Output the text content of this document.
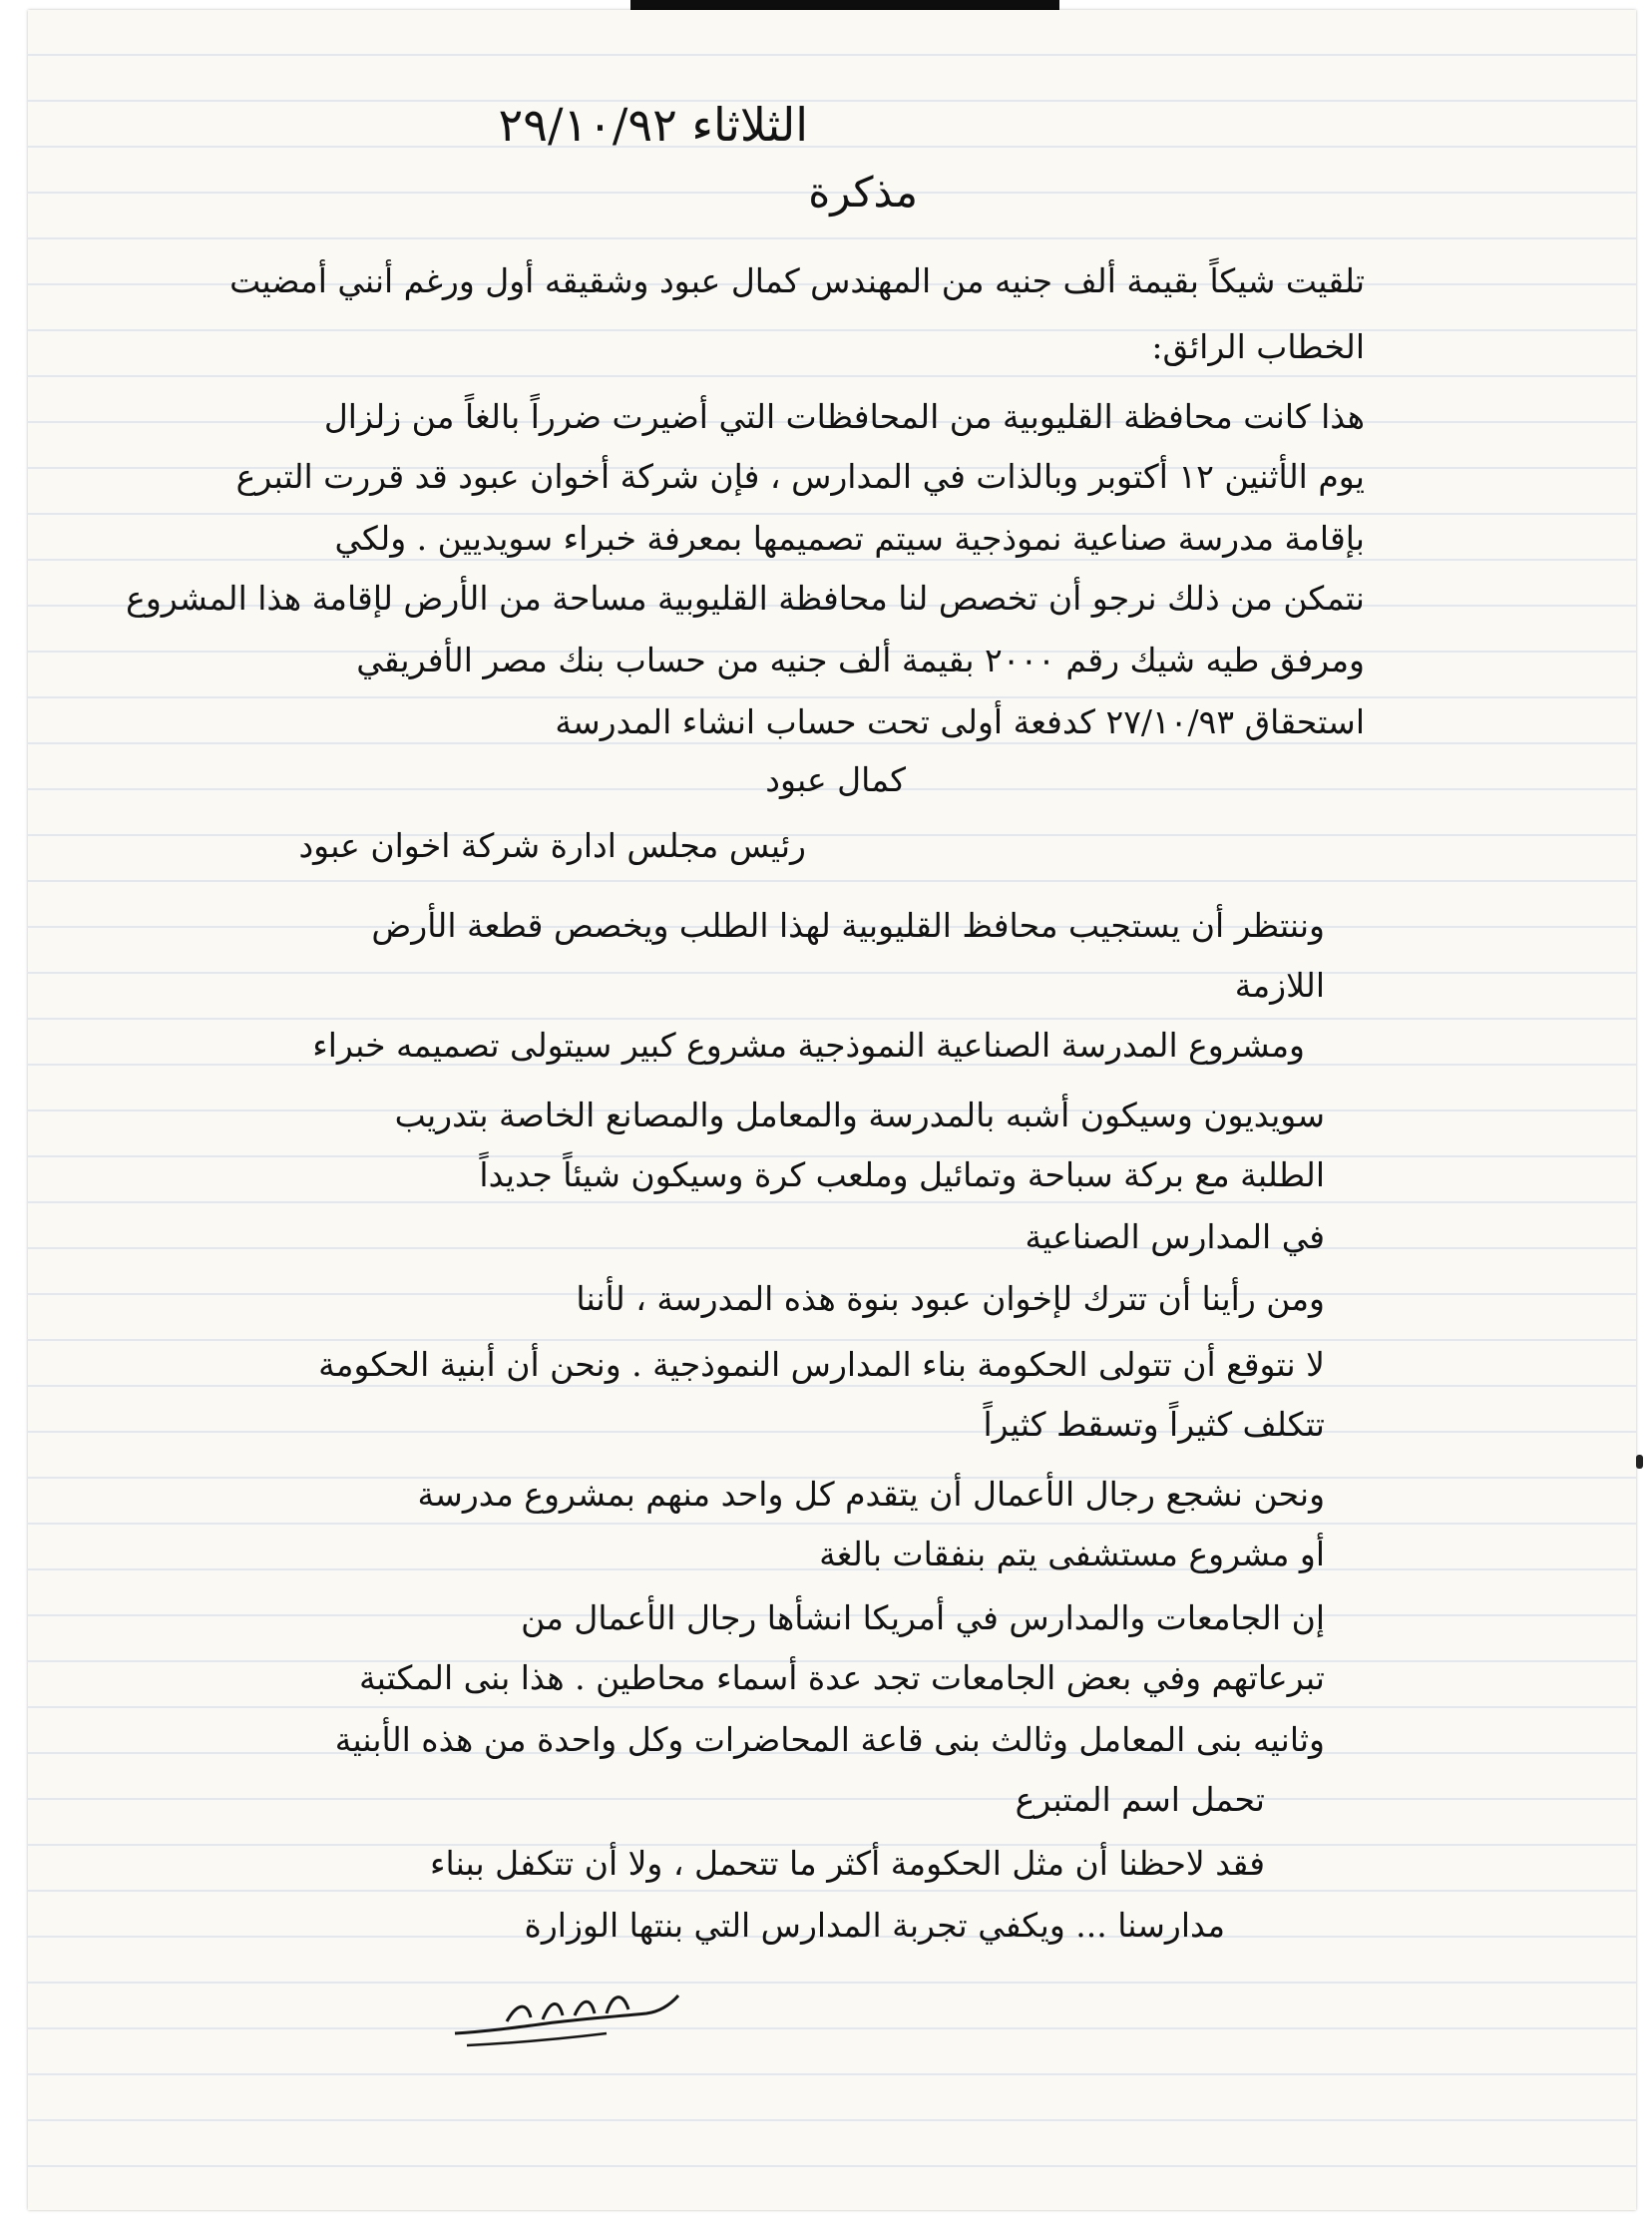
الثلاثاء ٢٩/١٠/٩٢
مذكرة
تلقيت شيكاً بقيمة ألف جنيه من المهندس كمال عبود وشقيقه أول ورغم أنني أمضيت
الخطاب الرائق:
هذا كانت محافظة القليوبية من المحافظات التي أضيرت ضرراً بالغاً من زلزال
يوم الأثنين ١٢ أكتوبر وبالذات في المدارس ، فإن شركة أخوان عبود قد قررت التبرع
بإقامة مدرسة صناعية نموذجية سيتم تصميمها بمعرفة خبراء سويديين . ولكي
نتمكن من ذلك نرجو أن تخصص لنا محافظة القليوبية مساحة من الأرض لإقامة هذا المشروع
ومرفق طيه شيك رقم ٢٠٠٠ بقيمة ألف جنيه من حساب بنك مصر الأفريقي
استحقاق ٢٧/١٠/٩٣ كدفعة أولى تحت حساب انشاء المدرسة
كمال عبود
رئيس مجلس ادارة شركة اخوان عبود
وننتظر أن يستجيب محافظ القليوبية لهذا الطلب ويخصص قطعة الأرض
اللازمة
ومشروع المدرسة الصناعية النموذجية مشروع كبير سيتولى تصميمه خبراء
سويديون وسيكون أشبه بالمدرسة والمعامل والمصانع الخاصة بتدريب
الطلبة مع بركة سباحة وتمائيل وملعب كرة وسيكون شيئاً جديداً
في المدارس الصناعية
ومن رأينا أن تترك لإخوان عبود بنوة هذه المدرسة ، لأننا
لا نتوقع أن تتولى الحكومة بناء المدارس النموذجية . ونحن أن أبنية الحكومة
تتكلف كثيراً وتسقط كثيراً
ونحن نشجع رجال الأعمال أن يتقدم كل واحد منهم بمشروع مدرسة
أو مشروع مستشفى يتم بنفقات بالغة
إن الجامعات والمدارس في أمريكا انشأها رجال الأعمال من
تبرعاتهم وفي بعض الجامعات تجد عدة أسماء محاطين . هذا بنى المكتبة
وثانيه بنى المعامل وثالث بنى قاعة المحاضرات وكل واحدة من هذه الأبنية
تحمل اسم المتبرع
فقد لاحظنا أن مثل الحكومة أكثر ما تتحمل ، ولا أن تتكفل ببناء
مدارسنا ... ويكفي تجربة المدارس التي بنتها الوزارة
